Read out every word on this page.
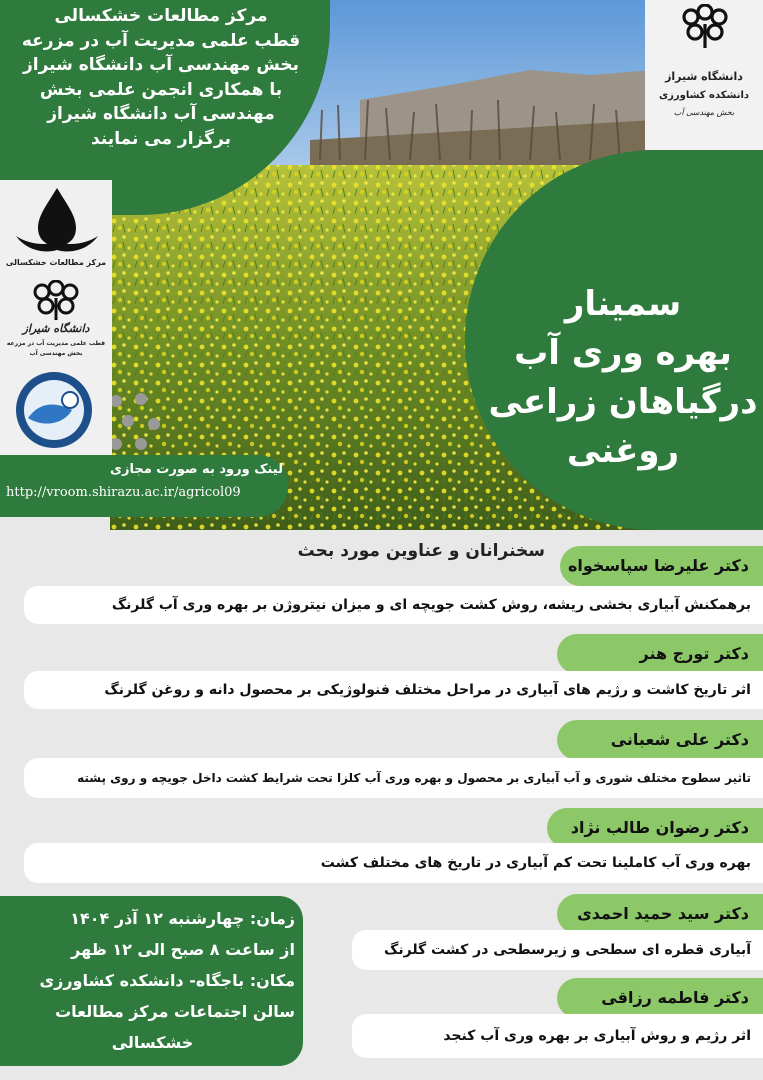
مرکز مطالعات خشکسالی
قطب علمی مدیریت آب در مزرعه
بخش مهندسی آب دانشگاه شیراز
با همکاری انجمن علمی بخش
مهندسی آب دانشگاه شیراز
برگزار می نمایند
مرکز مطالعات خشکسالی
دانشگاه شیراز
قطب علمی مدیریت آب در مزرعه
بخش مهندسی آب
دانشگاه شیراز
دانشکده کشاورزی
بخش مهندسی آب
سمینار
بهره وری آب
درگیاهان زراعی
روغنی
لینک ورود به صورت مجازی
http://vroom.shirazu.ac.ir/agricol09
سخنرانان و عناوین مورد بحث
دکتر علیرضا سپاسخواه
برهمکنش آبیاری بخشی ریشه، روش کشت جویچه ای و میزان نیتروژن بر بهره وری آب گلرنگ
دکتر تورج هنر
اثر تاریخ کاشت و رژیم های آبیاری در مراحل مختلف فنولوژیکی بر محصول دانه و روغن گلرنگ
دکتر علی شعبانی
تاثیر سطوح مختلف شوری و آب آبیاری بر محصول و بهره وری آب کلزا تحت شرایط کشت داخل جویچه و روی پشته
دکتر رضوان طالب نژاد
بهره وری آب کاملینا تحت کم آبیاری در تاریخ های مختلف کشت
دکتر سید حمید احمدی
آبیاری قطره ای سطحی و زیرسطحی در کشت گلرنگ
دکتر فاطمه رزاقی
اثر رژیم و روش آبیاری بر بهره وری آب کنجد
زمان: چهارشنبه ۱۲ آذر ۱۴۰۴
از ساعت ۸ صبح الی ۱۲ ظهر
مکان: باجگاه- دانشکده کشاورزی
سالن اجتماعات مرکز مطالعات
خشکسالی
